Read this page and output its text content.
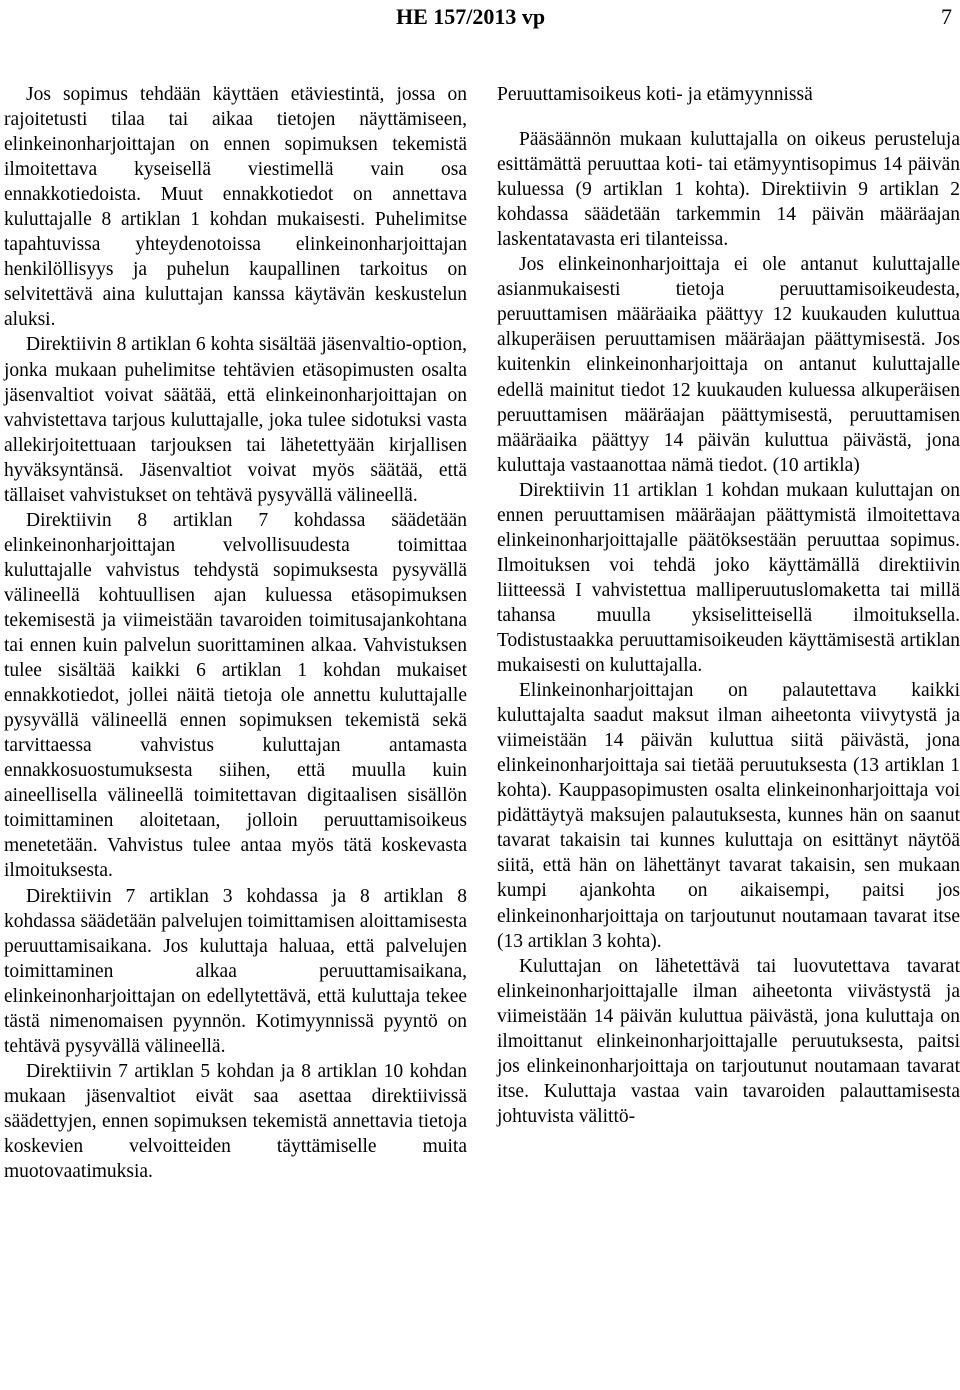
HE 157/2013 vp	7

Jos sopimus tehdään käyttäen etäviestintä, jossa on rajoitetusti tilaa tai aikaa tietojen näyttämiseen, elinkeinonharjoittajan on ennen sopimuksen tekemistä ilmoitettava kyseisellä viestimellä vain osa ennakkotiedoista. Muut ennakkotiedot on annettava kuluttajalle 8 artiklan 1 kohdan mukaisesti. Puhelimitse tapahtuvissa yhteydenotoissa elinkeinonharjoittajan henkilöllisyys ja puhelun kaupallinen tarkoitus on selvitettävä aina kuluttajan kanssa käytävän keskustelun aluksi.

Direktiivin 8 artiklan 6 kohta sisältää jäsenvaltio-option, jonka mukaan puhelimitse tehtävien etäsopimusten osalta jäsenvaltiot voivat säätää, että elinkeinonharjoittajan on vahvistettava tarjous kuluttajalle, joka tulee sidotuksi vasta allekirjoitettuaan tarjouksen tai lähetettyään kirjallisen hyväksyntänsä. Jäsenvaltiot voivat myös säätää, että tällaiset vahvistukset on tehtävä pysyvällä välineellä.

Direktiivin 8 artiklan 7 kohdassa säädetään elinkeinonharjoittajan velvollisuudesta toimittaa kuluttajalle vahvistus tehdystä sopimuksesta pysyvällä välineellä kohtuullisen ajan kuluessa etäsopimuksen tekemisestä ja viimeistään tavaroiden toimitusajankohtana tai ennen kuin palvelun suorittaminen alkaa. Vahvistuksen tulee sisältää kaikki 6 artiklan 1 kohdan mukaiset ennakkotiedot, jollei näitä tietoja ole annettu kuluttajalle pysyvällä välineellä ennen sopimuksen tekemistä sekä tarvittaessa vahvistus kuluttajan antamasta ennakkosuostumuksesta siihen, että muulla kuin aineellisella välineellä toimitettavan digitaalisen sisällön toimittaminen aloitetaan, jolloin peruuttamisoikeus menetetään. Vahvistus tulee antaa myös tätä koskevasta ilmoituksesta.

Direktiivin 7 artiklan 3 kohdassa ja 8 artiklan 8 kohdassa säädetään palvelujen toimittamisen aloittamisesta peruuttamisaikana. Jos kuluttaja haluaa, että palvelujen toimittaminen alkaa peruuttamisaikana, elinkeinonharjoittajan on edellytettävä, että kuluttaja tekee tästä nimenomaisen pyynnön. Kotimyynnissä pyyntö on tehtävä pysyvällä välineellä.

Direktiivin 7 artiklan 5 kohdan ja 8 artiklan 10 kohdan mukaan jäsenvaltiot eivät saa asettaa direktiivissä säädettyjen, ennen sopimuksen tekemistä annettavia tietoja koskevien velvoitteiden täyttämiselle muita muotovaatimuksia.

Peruuttamisoikeus koti- ja etämyynnissä

Pääsäännön mukaan kuluttajalla on oikeus perusteluja esittämättä peruuttaa koti- tai etämyyntisopimus 14 päivän kuluessa (9 artiklan 1 kohta). Direktiivin 9 artiklan 2 kohdassa säädetään tarkemmin 14 päivän määräajan laskentatavasta eri tilanteissa.

Jos elinkeinonharjoittaja ei ole antanut kuluttajalle asianmukaisesti tietoja peruuttamisoikeudesta, peruuttamisen määräaika päättyy 12 kuukauden kuluttua alkuperäisen peruuttamisen määräajan päättymisestä. Jos kuitenkin elinkeinonharjoittaja on antanut kuluttajalle edellä mainitut tiedot 12 kuukauden kuluessa alkuperäisen peruuttamisen määräajan päättymisestä, peruuttamisen määräaika päättyy 14 päivän kuluttua päivästä, jona kuluttaja vastaanottaa nämä tiedot. (10 artikla)

Direktiivin 11 artiklan 1 kohdan mukaan kuluttajan on ennen peruuttamisen määräajan päättymistä ilmoitettava elinkeinonharjoittajalle päätöksestään peruuttaa sopimus. Ilmoituksen voi tehdä joko käyttämällä direktiivin liitteessä I vahvistettua malliperuutuslomaketta tai millä tahansa muulla yksiselitteisellä ilmoituksella. Todistustaakka peruuttamisoikeuden käyttämisestä artiklan mukaisesti on kuluttajalla.

Elinkeinonharjoittajan on palautettava kaikki kuluttajalta saadut maksut ilman aiheetonta viivytystä ja viimeistään 14 päivän kuluttua siitä päivästä, jona elinkeinonharjoittaja sai tietää peruutuksesta (13 artiklan 1 kohta). Kauppasopimusten osalta elinkeinonharjoittaja voi pidättäytyä maksujen palautuksesta, kunnes hän on saanut tavarat takaisin tai kunnes kuluttaja on esittänyt näytöä siitä, että hän on lähettänyt tavarat takaisin, sen mukaan kumpi ajankohta on aikaisempi, paitsi jos elinkeinonharjoittaja on tarjoutunut noutamaan tavarat itse (13 artiklan 3 kohta).

Kuluttajan on lähetettävä tai luovutettava tavarat elinkeinonharjoittajalle ilman aiheetonta viivästystä ja viimeistään 14 päivän kuluttua päivästä, jona kuluttaja on ilmoittanut elinkeinonharjoittajalle peruutuksesta, paitsi jos elinkeinonharjoittaja on tarjoutunut noutamaan tavarat itse. Kuluttaja vastaa vain tavaroiden palauttamisesta johtuvista välittö-
